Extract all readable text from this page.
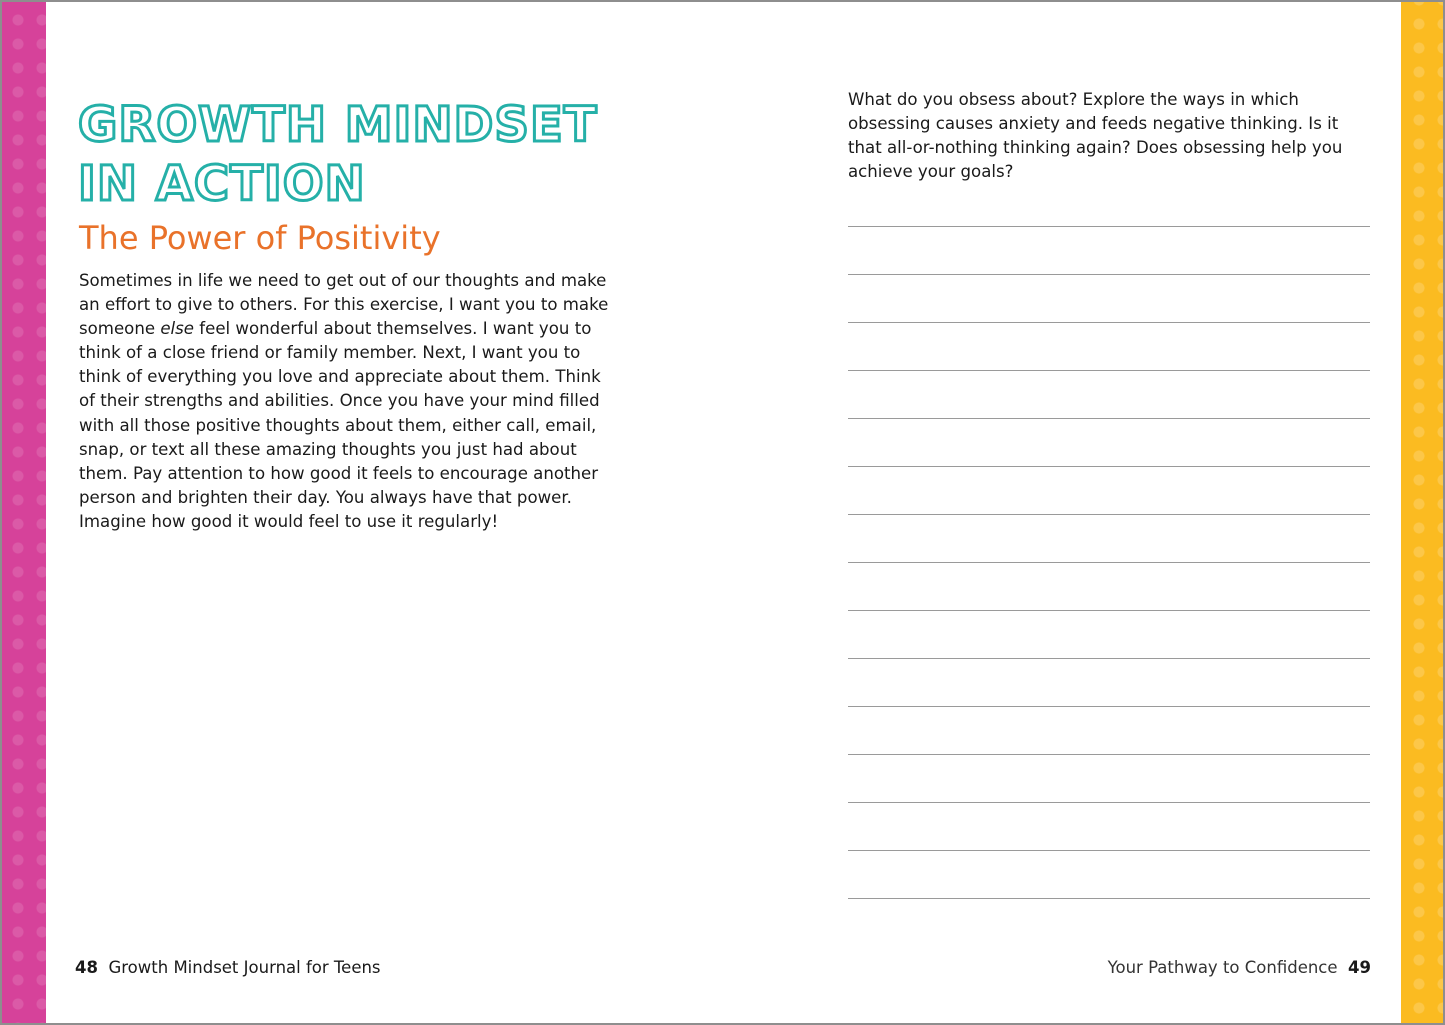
GROWTH MINDSET
IN ACTION
The Power of Positivity

Sometimes in life we need to get out of our thoughts and make an effort to give to others. For this exercise, I want you to make someone else feel wonderful about themselves. I want you to think of a close friend or family member. Next, I want you to think of everything you love and appreciate about them. Think of their strengths and abilities. Once you have your mind filled with all those positive thoughts about them, either call, email, snap, or text all these amazing thoughts you just had about them. Pay attention to how good it feels to encourage another person and brighten their day. You always have that power. Imagine how good it would feel to use it regularly!

48 Growth Mindset Journal for Teens

What do you obsess about? Explore the ways in which obsessing causes anxiety and feeds negative thinking. Is it that all-or-nothing thinking again? Does obsessing help you achieve your goals?

Your Pathway to Confidence 49
